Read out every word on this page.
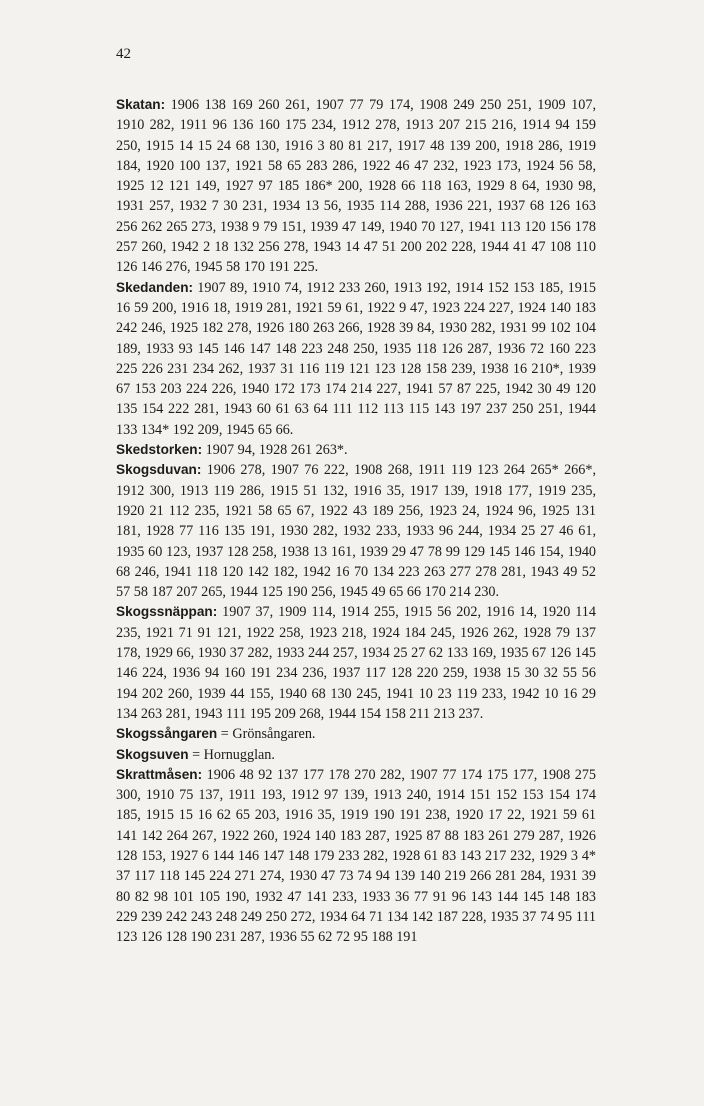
42

Skatan: 1906 138 169 260 261, 1907 77 79 174, 1908 249 250 251, 1909 107, 1910 282, 1911 96 136 160 175 234, 1912 278, 1913 207 215 216, 1914 94 159 250, 1915 14 15 24 68 130, 1916 3 80 81 217, 1917 48 139 200, 1918 286, 1919 184, 1920 100 137, 1921 58 65 283 286, 1922 46 47 232, 1923 173, 1924 56 58, 1925 12 121 149, 1927 97 185 186* 200, 1928 66 118 163, 1929 8 64, 1930 98, 1931 257, 1932 7 30 231, 1934 13 56, 1935 114 288, 1936 221, 1937 68 126 163 256 262 265 273, 1938 9 79 151, 1939 47 149, 1940 70 127, 1941 113 120 156 178 257 260, 1942 2 18 132 256 278, 1943 14 47 51 200 202 228, 1944 41 47 108 110 126 146 276, 1945 58 170 191 225.

Skedanden: 1907 89, 1910 74, 1912 233 260, 1913 192, 1914 152 153 185, 1915 16 59 200, 1916 18, 1919 281, 1921 59 61, 1922 9 47, 1923 224 227, 1924 140 183 242 246, 1925 182 278, 1926 180 263 266, 1928 39 84, 1930 282, 1931 99 102 104 189, 1933 93 145 146 147 148 223 248 250, 1935 118 126 287, 1936 72 160 223 225 226 231 234 262, 1937 31 116 119 121 123 128 158 239, 1938 16 210*, 1939 67 153 203 224 226, 1940 172 173 174 214 227, 1941 57 87 225, 1942 30 49 120 135 154 222 281, 1943 60 61 63 64 111 112 113 115 143 197 237 250 251, 1944 133 134* 192 209, 1945 65 66.

Skedstorken: 1907 94, 1928 261 263*.

Skogsduvan: 1906 278, 1907 76 222, 1908 268, 1911 119 123 264 265* 266*, 1912 300, 1913 119 286, 1915 51 132, 1916 35, 1917 139, 1918 177, 1919 235, 1920 21 112 235, 1921 58 65 67, 1922 43 189 256, 1923 24, 1924 96, 1925 131 181, 1928 77 116 135 191, 1930 282, 1932 233, 1933 96 244, 1934 25 27 46 61, 1935 60 123, 1937 128 258, 1938 13 161, 1939 29 47 78 99 129 145 146 154, 1940 68 246, 1941 118 120 142 182, 1942 16 70 134 223 263 277 278 281, 1943 49 52 57 58 187 207 265, 1944 125 190 256, 1945 49 65 66 170 214 230.

Skogssnäppan: 1907 37, 1909 114, 1914 255, 1915 56 202, 1916 14, 1920 114 235, 1921 71 91 121, 1922 258, 1923 218, 1924 184 245, 1926 262, 1928 79 137 178, 1929 66, 1930 37 282, 1933 244 257, 1934 25 27 62 133 169, 1935 67 126 145 146 224, 1936 94 160 191 234 236, 1937 117 128 220 259, 1938 15 30 32 55 56 194 202 260, 1939 44 155, 1940 68 130 245, 1941 10 23 119 233, 1942 10 16 29 134 263 281, 1943 111 195 209 268, 1944 154 158 211 213 237.

Skogssångaren = Grönsångaren.

Skogsuven = Hornugglan.

Skrattmåsen: 1906 48 92 137 177 178 270 282, 1907 77 174 175 177, 1908 275 300, 1910 75 137, 1911 193, 1912 97 139, 1913 240, 1914 151 152 153 154 174 185, 1915 15 16 62 65 203, 1916 35, 1919 190 191 238, 1920 17 22, 1921 59 61 141 142 264 267, 1922 260, 1924 140 183 287, 1925 87 88 183 261 279 287, 1926 128 153, 1927 6 144 146 147 148 179 233 282, 1928 61 83 143 217 232, 1929 3 4* 37 117 118 145 224 271 274, 1930 47 73 74 94 139 140 219 266 281 284, 1931 39 80 82 98 101 105 190, 1932 47 141 233, 1933 36 77 91 96 143 144 145 148 183 229 239 242 243 248 249 250 272, 1934 64 71 134 142 187 228, 1935 37 74 95 111 123 126 128 190 231 287, 1936 55 62 72 95 188 191
